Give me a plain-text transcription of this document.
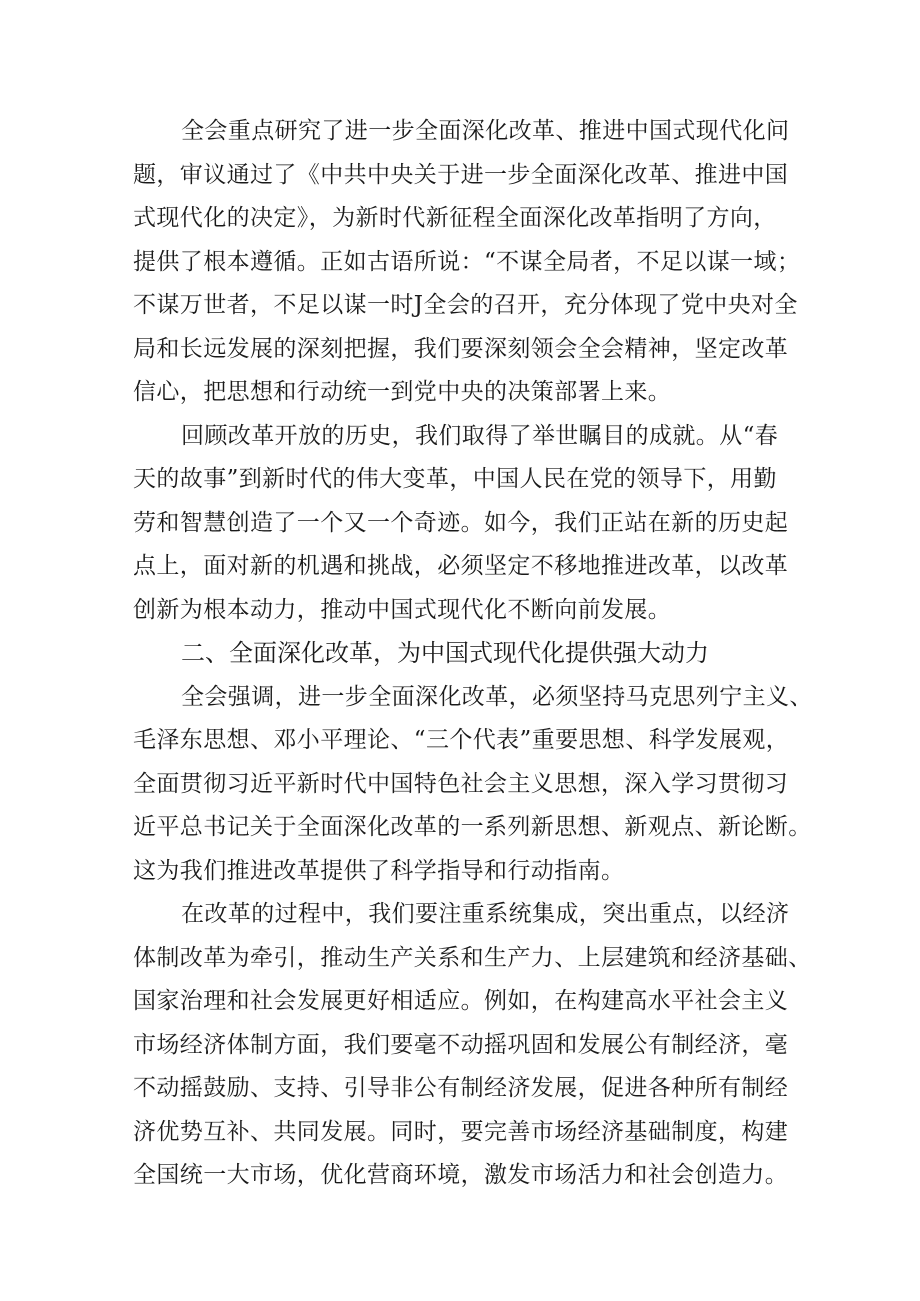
全会重点研究了进一步全面深化改革、推进中国式现代化问
题，审议通过了《中共中央关于进一步全面深化改革、推进中国
式现代化的决定》，为新时代新征程全面深化改革指明了方向，
提供了根本遵循。正如古语所说：“不谋全局者，不足以谋一域；
不谋万世者，不足以谋一时J全会的召开，充分体现了党中央对全
局和长远发展的深刻把握，我们要深刻领会全会精神，坚定改革
信心，把思想和行动统一到党中央的决策部署上来。
回顾改革开放的历史，我们取得了举世瞩目的成就。从“春
天的故事”到新时代的伟大变革，中国人民在党的领导下，用勤
劳和智慧创造了一个又一个奇迹。如今，我们正站在新的历史起
点上，面对新的机遇和挑战，必须坚定不移地推进改革，以改革
创新为根本动力，推动中国式现代化不断向前发展。
二、全面深化改革，为中国式现代化提供强大动力
全会强调，进一步全面深化改革，必须坚持马克思列宁主义、
毛泽东思想、邓小平理论、“三个代表”重要思想、科学发展观，
全面贯彻习近平新时代中国特色社会主义思想，深入学习贯彻习
近平总书记关于全面深化改革的一系列新思想、新观点、新论断。
这为我们推进改革提供了科学指导和行动指南。
在改革的过程中，我们要注重系统集成，突出重点，以经济
体制改革为牵引，推动生产关系和生产力、上层建筑和经济基础、
国家治理和社会发展更好相适应。例如，在构建高水平社会主义
市场经济体制方面，我们要毫不动摇巩固和发展公有制经济，毫
不动摇鼓励、支持、引导非公有制经济发展，促进各种所有制经
济优势互补、共同发展。同时，要完善市场经济基础制度，构建
全国统一大市场，优化营商环境，激发市场活力和社会创造力。
